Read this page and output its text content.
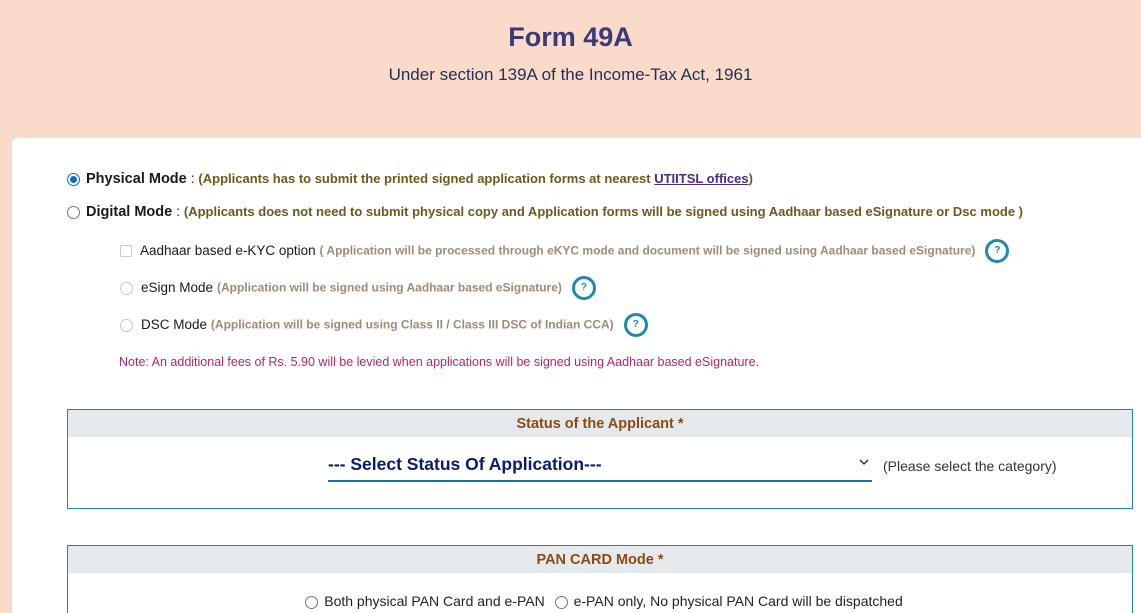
Form 49A
Under section 139A of the Income-Tax Act, 1961
Physical Mode : (Applicants has to submit the printed signed application forms at nearest UTIITSL offices)
Digital Mode : (Applicants does not need to submit physical copy and Application forms will be signed using Aadhaar based eSignature or Dsc mode )
Aadhaar based e-KYC option ( Application will be processed through eKYC mode and document will be signed using Aadhaar based eSignature) ?
eSign Mode (Application will be signed using Aadhaar based eSignature) ?
DSC Mode (Application will be signed using Class II / Class III DSC of Indian CCA) ?
Note: An additional fees of Rs. 5.90 will be levied when applications will be signed using Aadhaar based eSignature.
Status of the Applicant *
--- Select Status Of Application---	(Please select the category)
PAN CARD Mode *
Both physical PAN Card and e-PAN e-PAN only, No physical PAN Card will be dispatched
